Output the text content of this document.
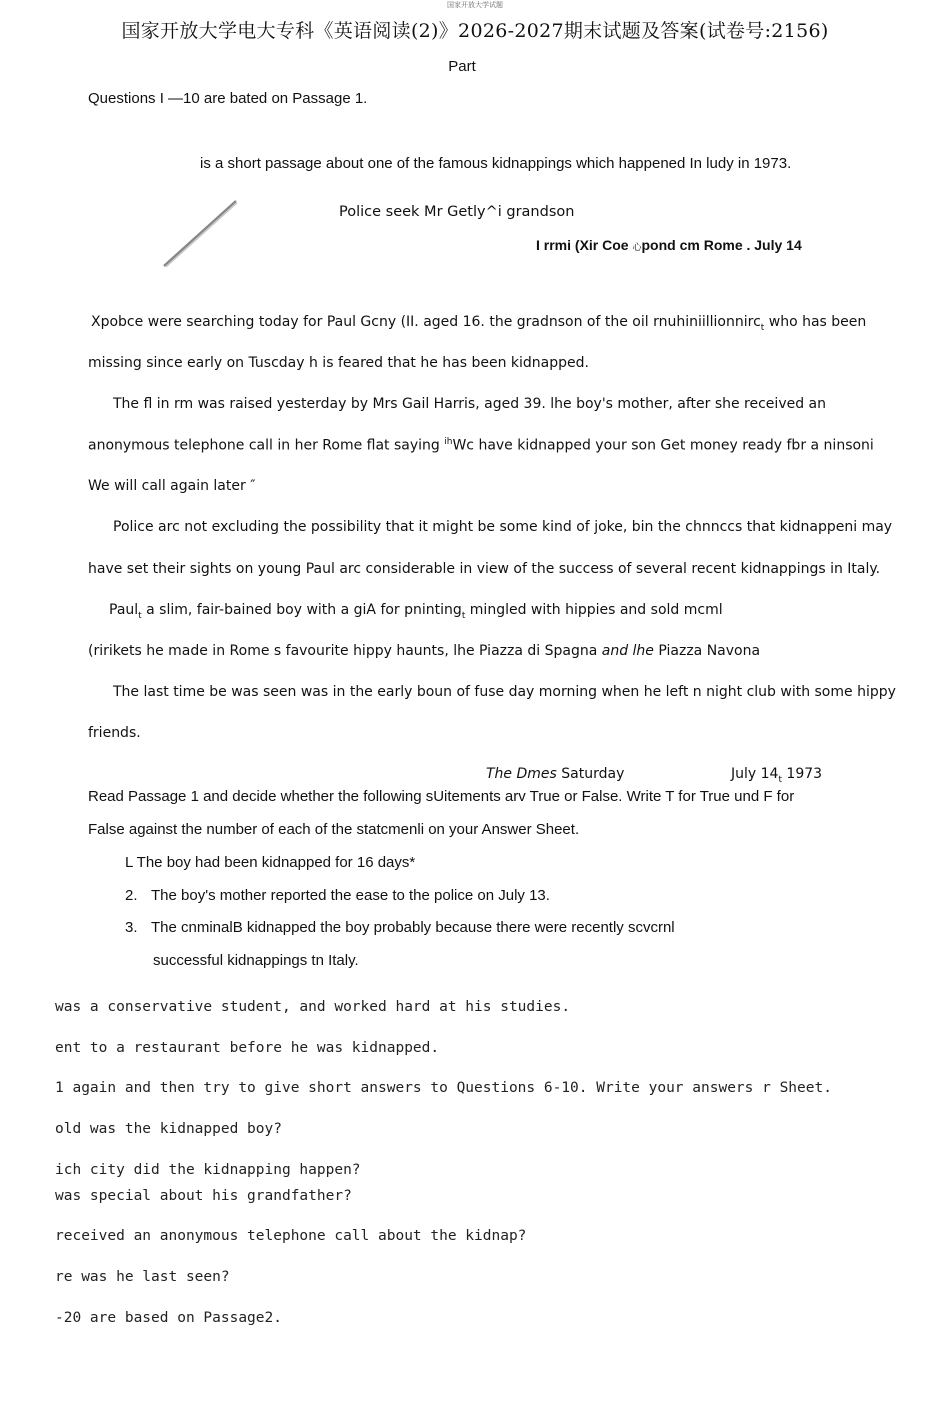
国家开放大学试题
国家开放大学电大专科《英语阅读(2)》2026-2027期末试题及答案(试卷号:2156)
Part
Questions I —10 are bated on Passage 1.
is a short passage about one of the famous kidnappings which happened In ludy in 1973.
Police seek Mr Getly^i grandson
I rrmi (Xir Coe 心pond cm Rome . July 14
Xpobce were searching today for Paul Gcny (II. aged 16. the gradnson of the oil rnuhiniillionnirc$_t$ who has been
missing since early on Tuscday h is feared that he has been kidnapped.
The fl in rm was raised yesterday by Mrs Gail Harris, aged 39. lhe boy's mother, after she received an
anonymous telephone call in her Rome flat saying $^{ih}$Wc have kidnapped your son Get money ready fbr a ninsoni
We will call again later ″
Police arc not excluding the possibility that it might be some kind of joke, bin the chnnccs that kidnappeni may
have set their sights on young Paul arc considerable in view of the success of several recent kidnappings in Italy.
Paul$_t$ a slim, fair-bained boy with a giA for pninting$_t$ mingled with hippies and sold mcml
(ririkets he made in Rome s favourite hippy haunts, lhe Piazza di Spagna and lhe Piazza Navona
The last time be was seen was in the early boun of fuse day morning when he left n night club with some hippy
friends.
The Dmes Saturday	July $14_t$ 1973
Read Passage 1 and decide whether the following sUitements arv True or False. Write T for True und F for
False against the number of each of the statcmenli on your Answer Sheet.
L The boy had been kidnapped for 16 days*
2. The boy's mother reported the ease to the police on July 13.
3. The cnminalB kidnapped the boy probably because there were recently scvcrnl
successful kidnappings tn Italy.
was a conservative student, and worked hard at his studies.
ent to a restaurant before he was kidnapped.
1 again and then try to give short answers to Questions 6-10. Write your answers r Sheet.
old was the kidnapped boy?
ich city did the kidnapping happen?
was special about his grandfather?
received an anonymous telephone call about the kidnap?
re was he last seen?
-20 are based on Passage2.
